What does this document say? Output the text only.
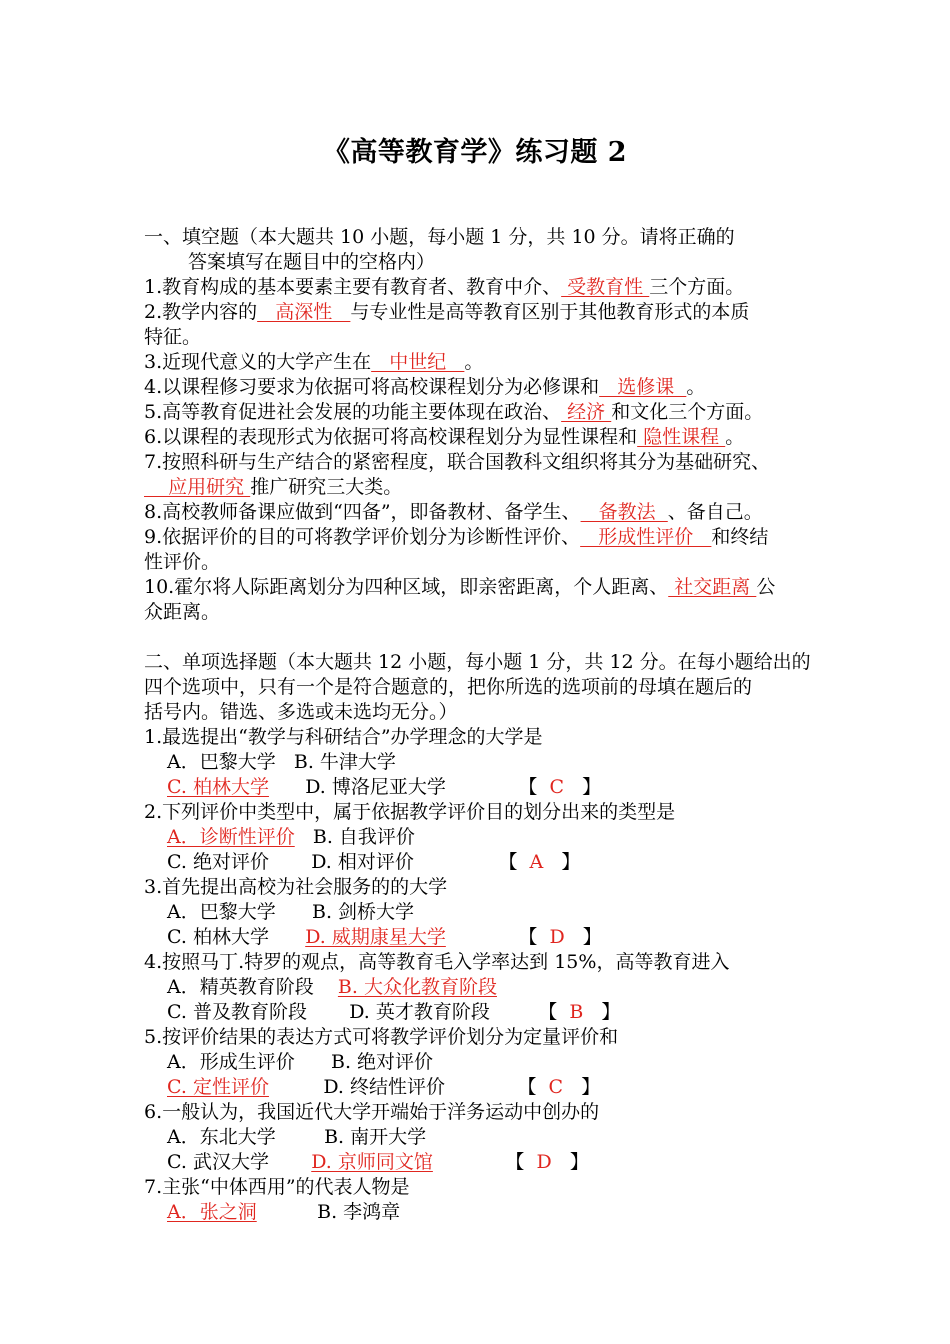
《高等教育学》练习题 2
一、填空题（本大题共 10 小题，每小题 1 分，共 10 分。请将正确的
答案填写在题目中的空格内）
1.教育构成的基本要素主要有教育者、教育中介、 受教育性 三个方面。
2.教学内容的   高深性   与专业性是高等教育区别于其他教育形式的本质
特征。
3.近现代意义的大学产生在   中世纪   。
4.以课程修习要求为依据可将高校课程划分为必修课和   选修课  。
5.高等教育促进社会发展的功能主要体现在政治、 经济 和文化三个方面。
6.以课程的表现形式为依据可将高校课程划分为显性课程和 隐性课程 。
7.按照科研与生产结合的紧密程度，联合国教科文组织将其分为基础研究、
应用研究 推广研究三大类。
8.高校教师备课应做到“四备”，即备教材、备学生、   备教法  、备自己。
9.依据评价的目的可将教学评价划分为诊断性评价、   形成性评价   和终结
性评价。
10.霍尔将人际距离划分为四种区域，即亲密距离，个人距离、 社交距离 公
众距离。
二、单项选择题（本大题共 12 小题，每小题 1 分，共 12 分。在每小题给出的
四个选项中，只有一个是符合题意的，把你所选的选项前的母填在题后的
括号内。错选、多选或未选均无分。）
1.最选提出“教学与科研结合”办学理念的大学是
A．巴黎大学 B. 牛津大学
C. 柏林大学 D. 博洛尼亚大学	【 C 】
2.下列评价中类型中，属于依据教学评价目的划分出来的类型是
A．诊断性评价 B. 自我评价
C. 绝对评价 D. 相对评价	【 A 】
3.首先提出高校为社会服务的的大学
A．巴黎大学 B. 剑桥大学
C. 柏林大学 D. 威期康星大学	【 D 】
4.按照马丁.特罗的观点，高等教育毛入学率达到 15%，高等教育进入
A．精英教育阶段 B. 大众化教育阶段
C. 普及教育阶段 D. 英才教育阶段	【 B 】
5.按评价结果的表达方式可将教学评价划分为定量评价和
A．形成生评价 B. 绝对评价
C. 定性评价	D. 终结性评价	【 C 】
6.一般认为，我国近代大学开端始于洋务运动中创办的
A．东北大学	B. 南开大学
C. 武汉大学 D. 京师同文馆	【 D 】
7.主张“中体西用”的代表人物是
A．张之洞	B. 李鸿章
